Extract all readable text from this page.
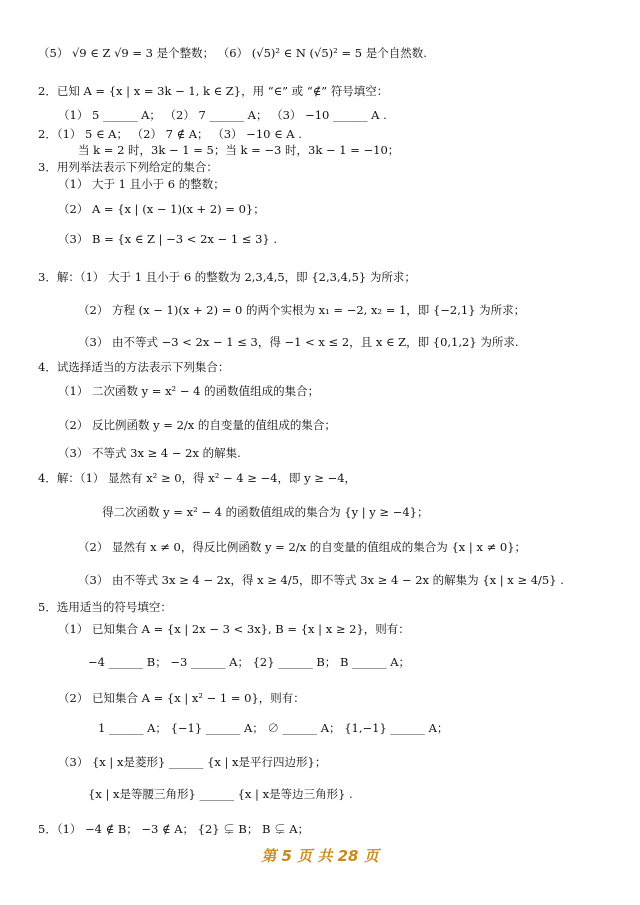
（5） √9 ∈ Z √9 = 3 是个整数； （6） (√5)² ∈ N (√5)² = 5 是个自然数.
2．已知 A = {x | x = 3k − 1, k ∈ Z}，用 “∈” 或 “∉” 符号填空：
（1） 5 ______ A； （2） 7 ______ A； （3） −10 ______ A .
2．（1） 5 ∈ A； （2） 7 ∉ A； （3） −10 ∈ A .
当 k = 2 时，3k − 1 = 5；当 k = −3 时，3k − 1 = −10；
3．用列举法表示下列给定的集合：
（1） 大于 1 且小于 6 的整数；
（2） A = {x | (x − 1)(x + 2) = 0}；
（3） B = {x ∈ Z | −3 < 2x − 1 ≤ 3} .
3．解：（1） 大于 1 且小于 6 的整数为 2,3,4,5，即 {2,3,4,5} 为所求；
（2） 方程 (x − 1)(x + 2) = 0 的两个实根为 x₁ = −2, x₂ = 1，即 {−2,1} 为所求；
（3） 由不等式 −3 < 2x − 1 ≤ 3，得 −1 < x ≤ 2，且 x ∈ Z，即 {0,1,2} 为所求.
4．试选择适当的方法表示下列集合：
（1） 二次函数 y = x² − 4 的函数值组成的集合；
（2） 反比例函数 y = 2/x 的自变量的值组成的集合；
（3） 不等式 3x ≥ 4 − 2x 的解集.
4．解：（1） 显然有 x² ≥ 0，得 x² − 4 ≥ −4，即 y ≥ −4，
得二次函数 y = x² − 4 的函数值组成的集合为 {y | y ≥ −4}；
（2） 显然有 x ≠ 0，得反比例函数 y = 2/x 的自变量的值组成的集合为 {x | x ≠ 0}；
（3） 由不等式 3x ≥ 4 − 2x，得 x ≥ 4/5，即不等式 3x ≥ 4 − 2x 的解集为 {x | x ≥ 4/5} .
5．选用适当的符号填空：
（1） 已知集合 A = {x | 2x − 3 < 3x}, B = {x | x ≥ 2}，则有：
−4 ______ B； −3 ______ A； {2} ______ B； B ______ A；
（2） 已知集合 A = {x | x² − 1 = 0}，则有：
1 ______ A； {−1} ______ A； ∅ ______ A； {1,−1} ______ A；
（3） {x | x是菱形} ______ {x | x是平行四边形}；
{x | x是等腰三角形} ______ {x | x是等边三角形} .
5．（1） −4 ∉ B； −3 ∉ A； {2} ⊊ B； B ⊊ A；
第 5 页 共 28 页
